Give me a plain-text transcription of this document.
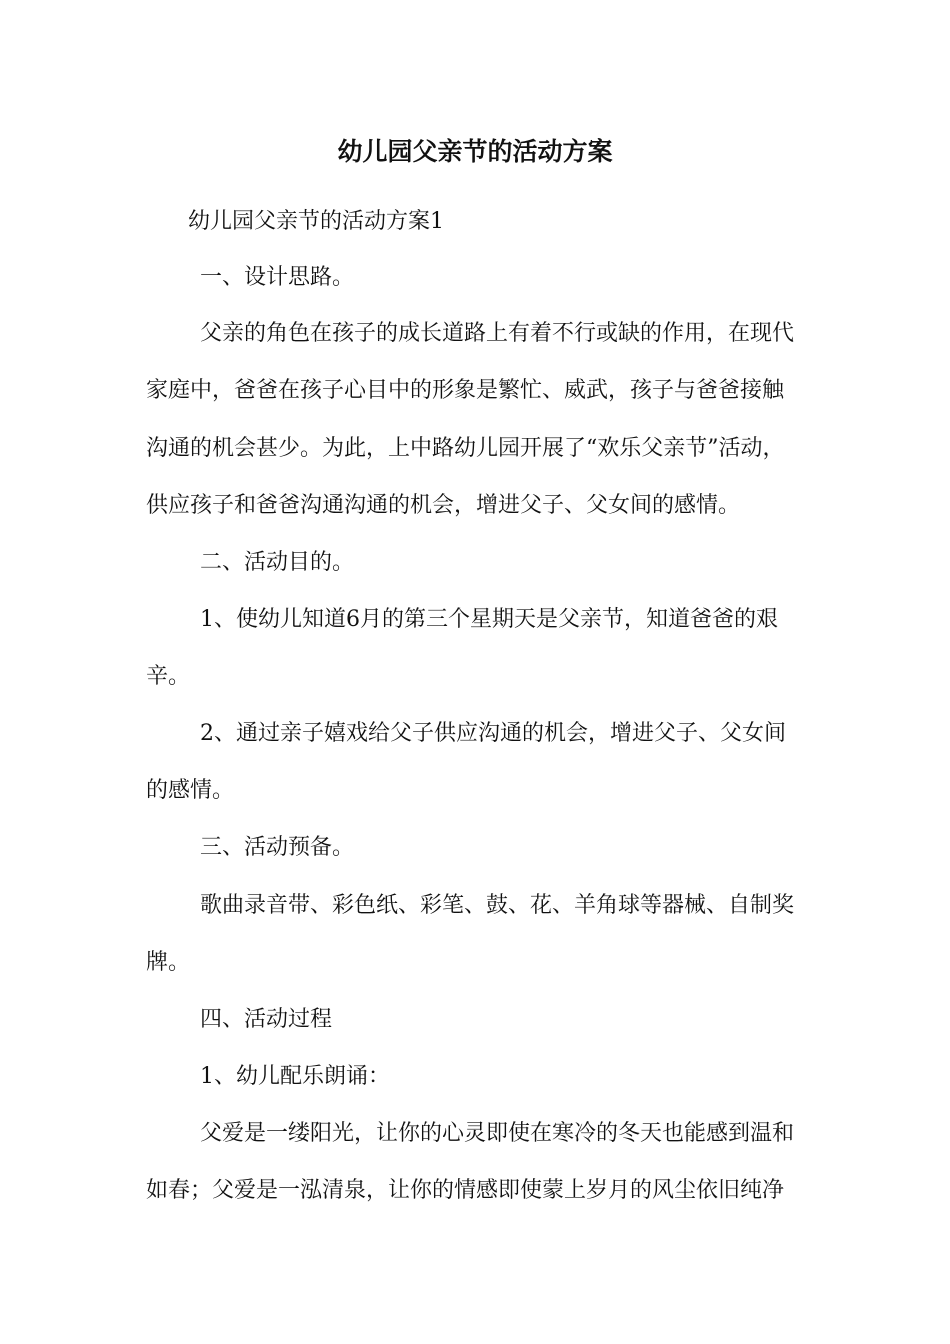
幼儿园父亲节的活动方案

幼儿园父亲节的活动方案1

一、设计思路。

父亲的角色在孩子的成长道路上有着不行或缺的作用，在现代

家庭中，爸爸在孩子心目中的形象是繁忙、威武，孩子与爸爸接触

沟通的机会甚少。为此，上中路幼儿园开展了“欢乐父亲节”活动，

供应孩子和爸爸沟通沟通的机会，增进父子、父女间的感情。

二、活动目的。

1、使幼儿知道6月的第三个星期天是父亲节，知道爸爸的艰

辛。

2、通过亲子嬉戏给父子供应沟通的机会，增进父子、父女间

的感情。

三、活动预备。

歌曲录音带、彩色纸、彩笔、鼓、花、羊角球等器械、自制奖

牌。

四、活动过程

1、幼儿配乐朗诵：

父爱是一缕阳光，让你的心灵即使在寒冷的冬天也能感到温和

如春；父爱是一泓清泉，让你的情感即使蒙上岁月的风尘依旧纯净
